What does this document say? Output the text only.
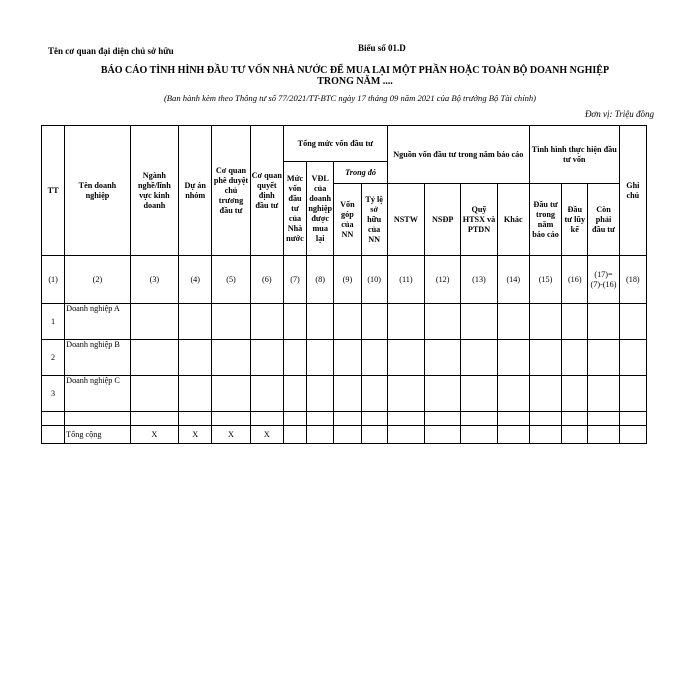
Tên cơ quan đại diện chủ sở hữu	Biểu số 01.D
BÁO CÁO TÌNH HÌNH ĐẦU TƯ VỐN NHÀ NƯỚC ĐỂ MUA LẠI MỘT PHẦN HOẶC TOÀN BỘ DOANH NGHIỆP
TRONG NĂM ....
(Ban hành kèm theo Thông tư số 77/2021/TT-BTC ngày 17 tháng 09 năm 2021 của Bộ trưởng Bộ Tài chính)
Đơn vị: Triệu đồng
TT	Tên doanh nghiệp	Ngành nghề/lĩnh vực kinh doanh	Dự án nhóm	Cơ quan phê duyệt chủ trương đầu tư	Cơ quan quyết định đầu tư	Tổng mức vốn đầu tư				Nguồn vốn đầu tư trong năm báo cáo				Tình hình thực hiện đầu tư vốn			Ghi chú
						Mức vốn đầu tư của Nhà nước	VĐL của doanh nghiệp được mua lại	Trong đó									
								Vốn góp của NN	Tỷ lệ sở hữu của NN	NSTW	NSĐP	Quỹ HTSX và PTDN	Khác	Đầu tư trong năm báo cáo	Đầu tư lũy kế	Còn phải đầu tư	
(1)	(2)	(3)	(4)	(5)	(6)	(7)	(8)	(9)	(10)	(11)	(12)	(13)	(14)	(15)	(16)	(17)=(7)-(16)	(18)
1	Doanh nghiệp A																
2	Doanh nghiệp B																
3	Doanh nghiệp C																

	Tổng cộng	X	X	X	X												
